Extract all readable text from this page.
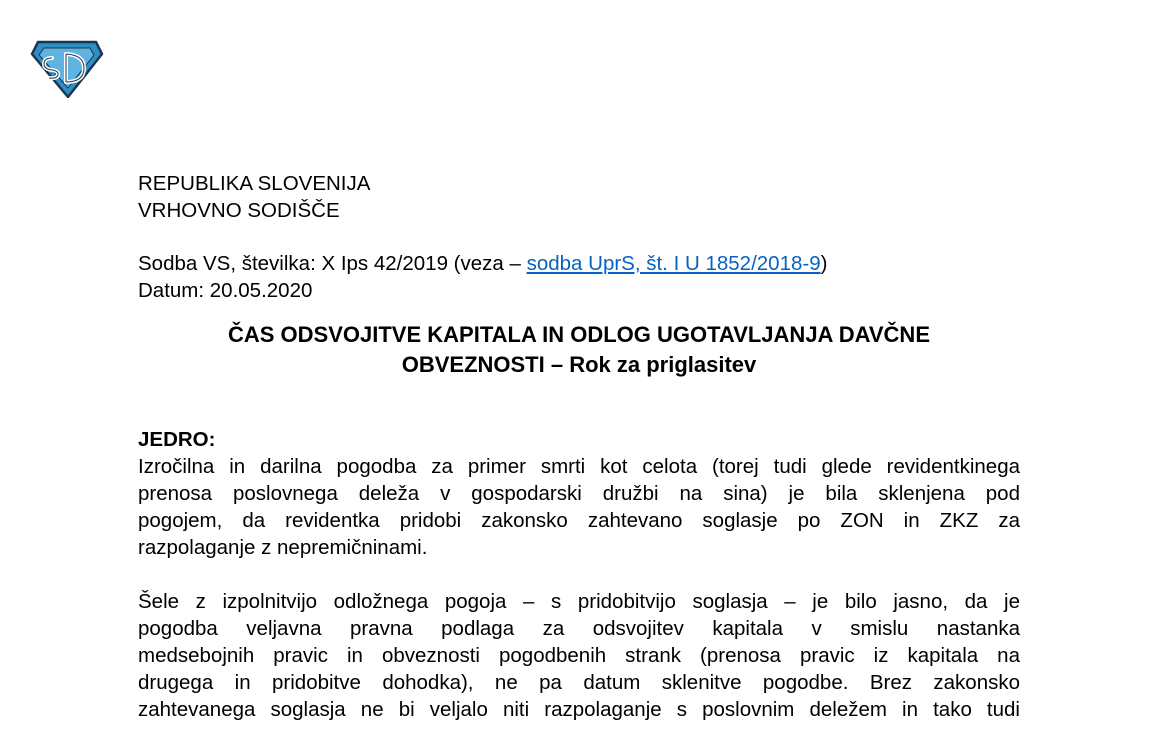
REPUBLIKA SLOVENIJA
VRHOVNO SODIŠČE
Sodba VS, številka: X Ips 42/2019 (veza – sodba UprS, št. I U 1852/2018-9)
Datum: 20.05.2020
ČAS ODSVOJITVE KAPITALA IN ODLOG UGOTAVLJANJA DAVČNE
OBVEZNOSTI – Rok za priglasitev
JEDRO:
Izročilna in darilna pogodba za primer smrti kot celota (torej tudi glede revidentkinega
prenosa poslovnega deleža v gospodarski družbi na sina) je bila sklenjena pod
pogojem, da revidentka pridobi zakonsko zahtevano soglasje po ZON in ZKZ za
razpolaganje z nepremičninami.
Šele z izpolnitvijo odložnega pogoja – s pridobitvijo soglasja – je bilo jasno, da je
pogodba veljavna pravna podlaga za odsvojitev kapitala v smislu nastanka
medsebojnih pravic in obveznosti pogodbenih strank (prenosa pravic iz kapitala na
drugega in pridobitve dohodka), ne pa datum sklenitve pogodbe. Brez zakonsko
zahtevanega soglasja ne bi veljalo niti razpolaganje s poslovnim deležem in tako tudi
